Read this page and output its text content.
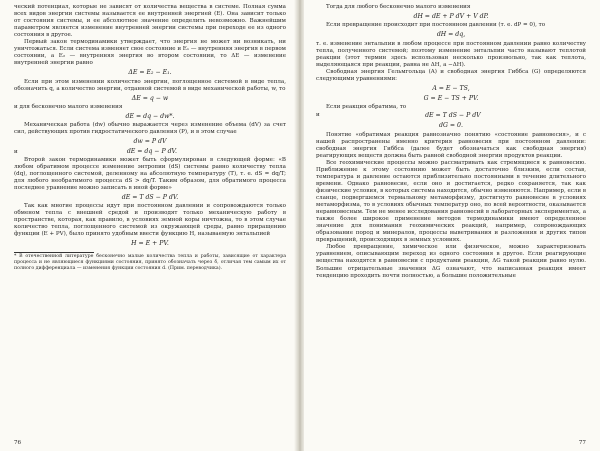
ческий потенциал, которые не зависят от количества вещества в системе. Полная сумма всех видов энергии системы называется ее внутренней энергией (E). Она зависит только от состояния системы, и ее абсолютное значение определить невозможно. Важнейшим параметром является изменение внутренней энергии системы при переходе ее из одного состояния в другое.

Первый закон термодинамики утверждает, что энергия не может ни возникать, ни уничтожаться. Если система изменяет свое состояние и E₁ — внутренняя энергия в первом состоянии, а E₂ — внутренняя энергия во втором состоянии, то ΔE — изменение внутренней энергии равно

ΔE = E₂ − E₁.

Если при этом изменении количество энергии, поглощенное системой в виде тепла, обозначить q, а количество энергии, отданной системой в виде механической работы, w, то

ΔE = q − w

и для бесконечно малого изменения

dE = dq − dw*.

Механическая работа (dw) обычно выражается через изменение объема (dV) за счет сил, действующих против гидростатического давления (P), и в этом случае

dw = P dV
и	dE = dq − P dV.

Второй закон термодинамики может быть сформулирован в следующей форме: «В любом обратимом процессе изменение энтропии (dS) системы равно количеству тепла (dq), поглощенного системой, деленному на абсолютную температуру (T), т. е. dS = dq/T; для любого необратимого процесса dS > dq/T. Таким образом, для обратимого процесса последнее уравнение можно записать в иной форме»

dE = T dS − P dV.

Так как многие процессы идут при постоянном давлении и сопровождаются только обменом тепла с внешней средой и производят только механическую работу в пространстве, которая, как правило, в условиях земной коры ничтожна, то в этом случае количество тепла, поглощенного системой из окружающей среды, равно приращению функции (E + PV), было принято удобным ввести функцию H, называемую энтальпией

H = E + PV.
* В отечественной литературе бесконечно малые количества тепла и работы, зависящие от характера процесса и не являющиеся функциями состояния, принято обозначать через δ, отличая тем самым их от полного дифференциала — изменения функции состояния d. (Прим. переводчика).
76

Тогда для любого бесконечно малого изменения

dH = dE + P dV + V dP.

Если превращение происходит при постоянном давлении (т. е. dP = 0), то

dH = dq,

т. е. изменение энтальпии в любом процессе при постоянном давлении равно количеству тепла, полученного системой; поэтому изменение энтальпии часто называют теплотой реакции (этот термин здесь использован несколько произвольно, так как теплота, выделяющаяся при реакции, равна не ΔH, а −ΔH).

Свободная энергия Гельмгольца (A) и свободная энергия Гиббса (G) определяются следующими уравнениями:

A = E − TS,
G = E − TS + PV.

Если реакция обратима, то

и	dE = T dS − P dV
dG = 0.

Понятие «обратимая реакция равнозначно понятию «состояние равновесия», и с нашей распространены именно критерия равновесия при постоянном давлении: свободная энергия Гиббса (далее будет обозначаться как свободная энергия) реагирующих веществ должна быть равной свободной энергии продуктов реакции.

Все геохимические процессы можно рассматривать как стремящиеся к равновесию. Приближение к этому состоянию может быть достаточно близким, если состав, температура и давление остаются приблизительно постоянными в течение длительного времени. Однако равновесие, если оно и достигается, редко сохраняется, так как физические условия, в которых система находится, обычно изменяются. Например, если в сланце, подвергшемся термальному метаморфизму, достигнуто равновесие в условиях метаморфизма, то в условиях обычных температур оно, по всей вероятности, оказывается неравновесным. Тем не менее исследования равновесий в лабораторных экспериментах, а также более широкое применение методов термодинамики имеют определенное значение для понимания геохимических реакций, например, сопровождающих образование пород и минералов, процессы выветривания и разложения и других типов превращений, происходящих в земных условиях.

Любое превращение, химическое или физическое, можно характеризовать уравнением, описывающим переход из одного состояния в другое. Если реагирующие вещества находятся в равновесии с продуктами реакции, ΔG такой реакции равно нулю. Большие отрицательные значения ΔG означают, что написанная реакция имеет тенденцию проходить почти полностью, а большие положительные

77
